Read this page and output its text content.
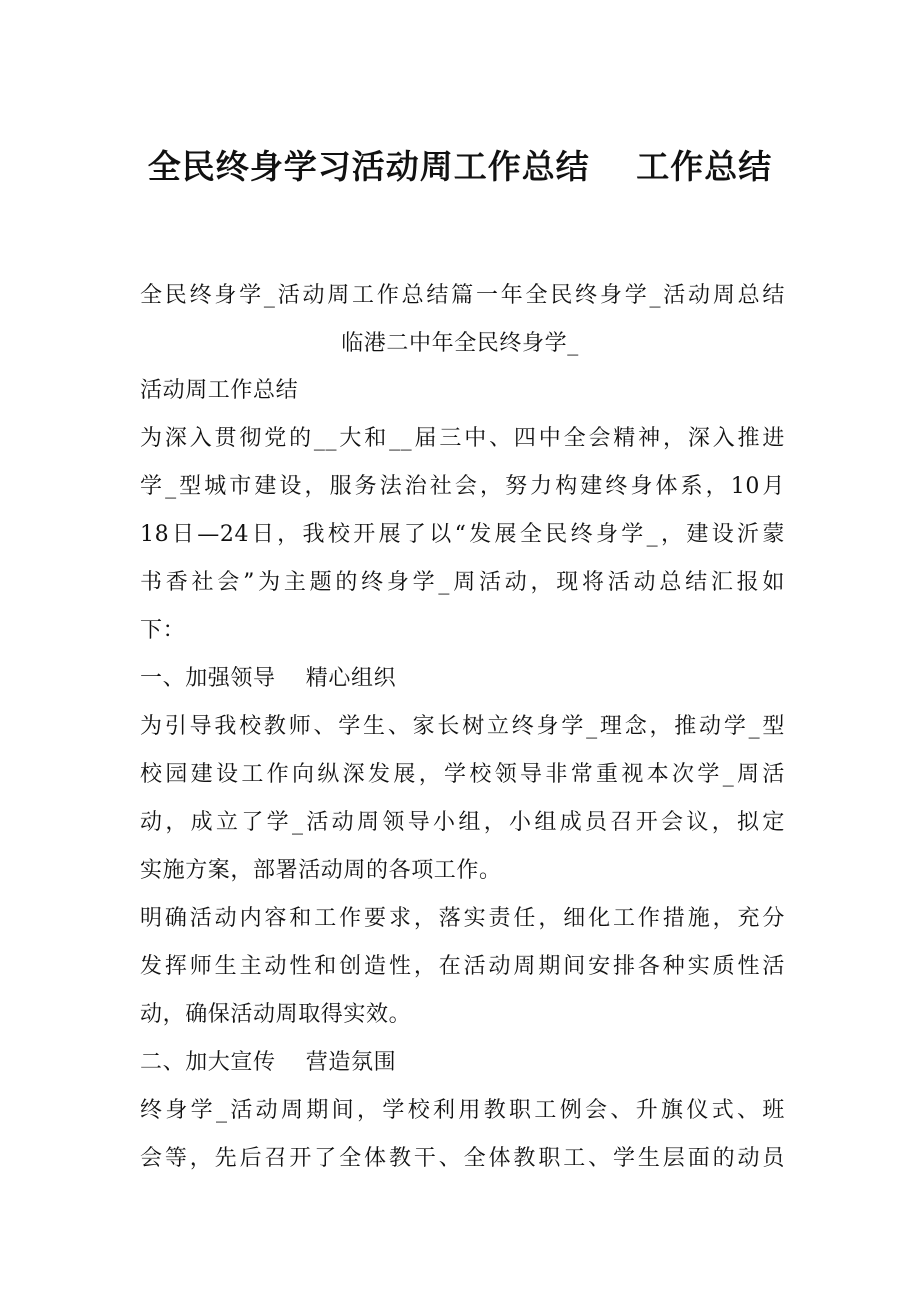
全民终身学习活动周工作总结　 工作总结
全民终身学_活动周工作总结篇一年全民终身学_活动周总结
临港二中年全民终身学_
活动周工作总结
为深入贯彻党的__大和__届三中、四中全会精神，深入推进
学_型城市建设，服务法治社会，努力构建终身体系，10月
18日—24日，我校开展了以“发展全民终身学_，建设沂蒙
书香社会”为主题的终身学_周活动，现将活动总结汇报如
下：
一、加强领导　 精心组织
为引导我校教师、学生、家长树立终身学_理念，推动学_型
校园建设工作向纵深发展，学校领导非常重视本次学_周活
动，成立了学_活动周领导小组，小组成员召开会议，拟定
实施方案，部署活动周的各项工作。
明确活动内容和工作要求，落实责任，细化工作措施，充分
发挥师生主动性和创造性，在活动周期间安排各种实质性活
动，确保活动周取得实效。
二、加大宣传　 营造氛围
终身学_活动周期间，学校利用教职工例会、升旗仪式、班
会等，先后召开了全体教干、全体教职工、学生层面的动员
